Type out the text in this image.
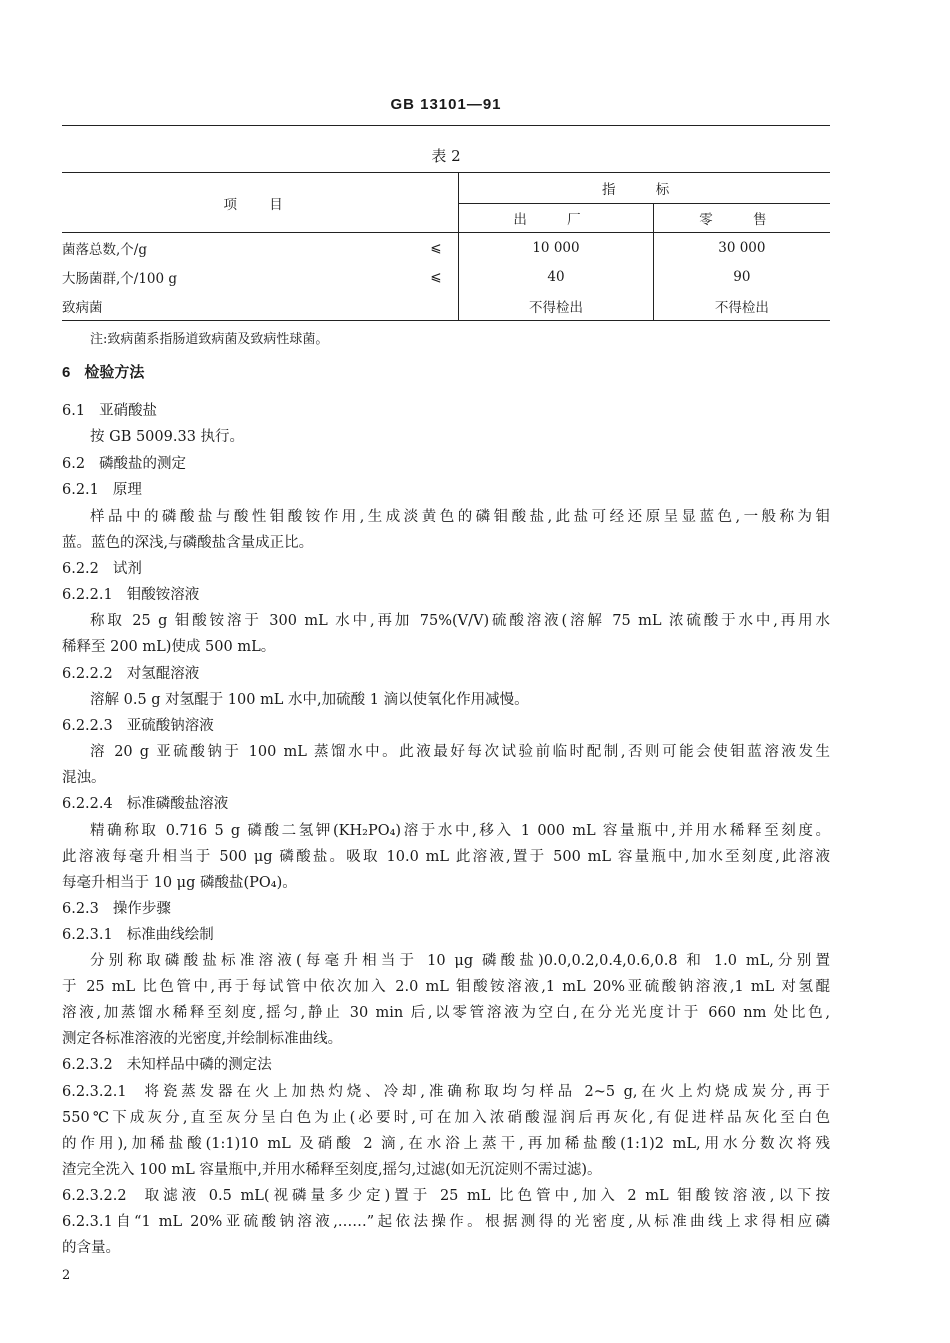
GB 13101—91
表 2
项 目		指 标	
		出 厂	零 售
菌落总数,个/g	⩽	10 000	30 000
大肠菌群,个/100 g	⩽	40	90
致病菌		不得检出	不得检出
注:致病菌系指肠道致病菌及致病性球菌。
6 检验方法
6.1 亚硝酸盐
按 GB 5009.33 执行。
6.2 磷酸盐的测定
6.2.1 原理
样品中的磷酸盐与酸性钼酸铵作用,生成淡黄色的磷钼酸盐,此盐可经还原呈显蓝色,一般称为钼
蓝。蓝色的深浅,与磷酸盐含量成正比。
6.2.2 试剂
6.2.2.1 钼酸铵溶液
称取 25 g 钼酸铵溶于 300 mL 水中,再加 75%(V/V)硫酸溶液(溶解 75 mL 浓硫酸于水中,再用水
稀释至 200 mL)使成 500 mL。
6.2.2.2 对氢醌溶液
溶解 0.5 g 对氢醌于 100 mL 水中,加硫酸 1 滴以使氧化作用减慢。
6.2.2.3 亚硫酸钠溶液
溶 20 g 亚硫酸钠于 100 mL 蒸馏水中。此液最好每次试验前临时配制,否则可能会使钼蓝溶液发生
混浊。
6.2.2.4 标准磷酸盐溶液
精确称取 0.716 5 g 磷酸二氢钾(KH₂PO₄)溶于水中,移入 1 000 mL 容量瓶中,并用水稀释至刻度。
此溶液每毫升相当于 500 μg 磷酸盐。吸取 10.0 mL 此溶液,置于 500 mL 容量瓶中,加水至刻度,此溶液
每毫升相当于 10 μg 磷酸盐(PO₄)。
6.2.3 操作步骤
6.2.3.1 标准曲线绘制
分别称取磷酸盐标准溶液(每毫升相当于 10 μg 磷酸盐)0.0,0.2,0.4,0.6,0.8 和 1.0 mL,分别置
于 25 mL 比色管中,再于每试管中依次加入 2.0 mL 钼酸铵溶液,1 mL 20%亚硫酸钠溶液,1 mL 对氢醌
溶液,加蒸馏水稀释至刻度,摇匀,静止 30 min 后,以零管溶液为空白,在分光光度计于 660 nm 处比色,
测定各标准溶液的光密度,并绘制标准曲线。
6.2.3.2 未知样品中磷的测定法
6.2.3.2.1 将瓷蒸发器在火上加热灼烧、冷却,准确称取均匀样品 2~5 g,在火上灼烧成炭分,再于
550℃下成灰分,直至灰分呈白色为止(必要时,可在加入浓硝酸湿润后再灰化,有促进样品灰化至白色
的作用),加稀盐酸(1:1)10 mL 及硝酸 2 滴,在水浴上蒸干,再加稀盐酸(1:1)2 mL,用水分数次将残
渣完全洗入 100 mL 容量瓶中,并用水稀释至刻度,摇匀,过滤(如无沉淀则不需过滤)。
6.2.3.2.2 取滤液 0.5 mL(视磷量多少定)置于 25 mL 比色管中,加入 2 mL 钼酸铵溶液,以下按
6.2.3.1自“1 mL 20%亚硫酸钠溶液,……”起依法操作。根据测得的光密度,从标准曲线上求得相应磷
的含量。
2
